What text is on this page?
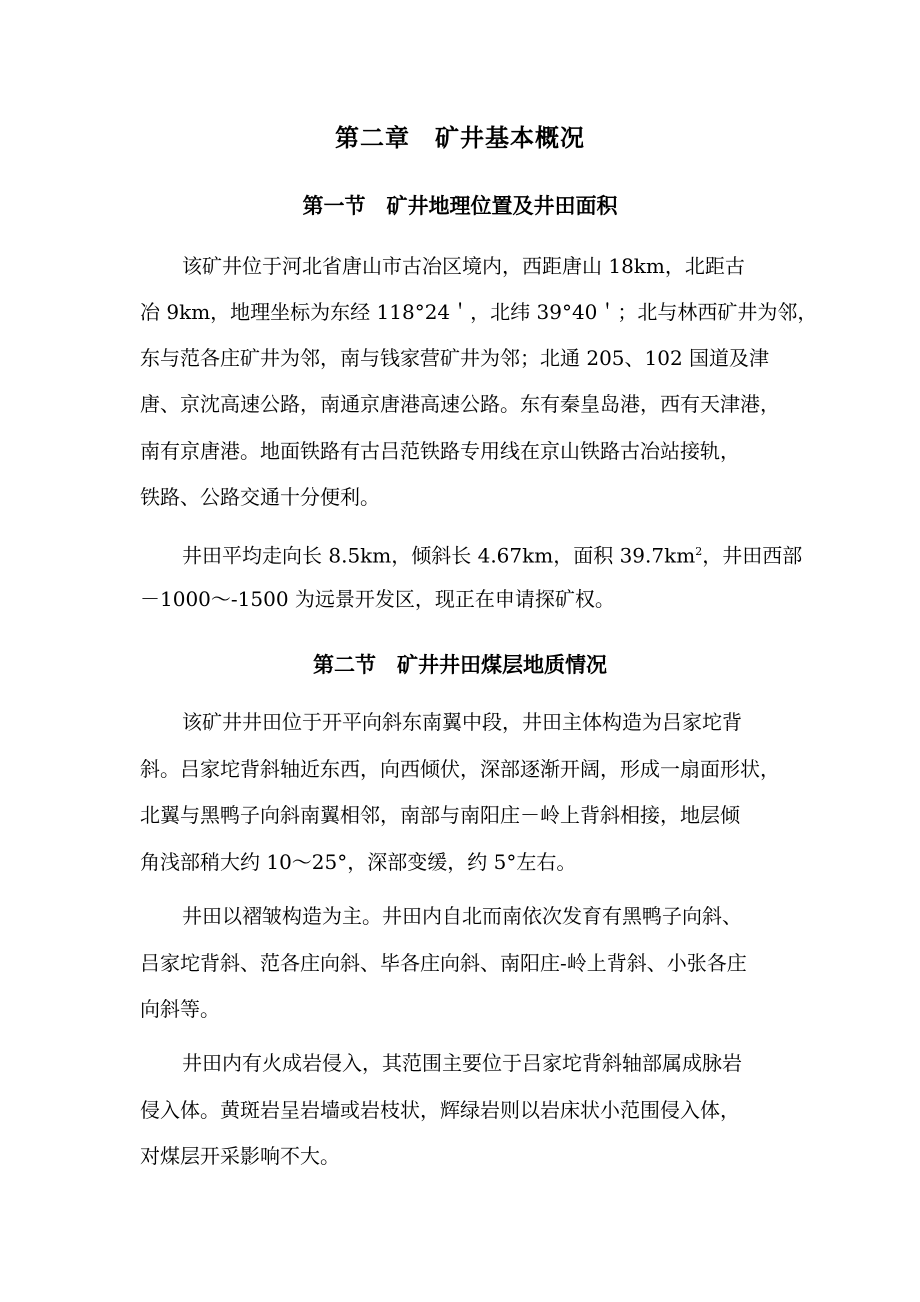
第二章　矿井基本概况
第一节　矿井地理位置及井田面积
该矿井位于河北省唐山市古冶区境内，西距唐山 18km，北距古
冶 9km，地理坐标为东经 118°24＇，北纬 39°40＇；北与林西矿井为邻，
东与范各庄矿井为邻，南与钱家营矿井为邻；北通 205、102 国道及津
唐、京沈高速公路，南通京唐港高速公路。东有秦皇岛港，西有天津港，
南有京唐港。地面铁路有古吕范铁路专用线在京山铁路古冶站接轨，
铁路、公路交通十分便利。
井田平均走向长 8.5km，倾斜长 4.67km，面积 $39.7km^2$，井田西部
－1000～-1500 为远景开发区，现正在申请探矿权。
第二节　矿井井田煤层地质情况
该矿井井田位于开平向斜东南翼中段，井田主体构造为吕家坨背
斜。吕家坨背斜轴近东西，向西倾伏，深部逐渐开阔，形成一扇面形状，
北翼与黑鸭子向斜南翼相邻，南部与南阳庄－岭上背斜相接，地层倾
角浅部稍大约 10～25°，深部变缓，约 5°左右。
井田以褶皱构造为主。井田内自北而南依次发育有黑鸭子向斜、
吕家坨背斜、范各庄向斜、毕各庄向斜、南阳庄-岭上背斜、小张各庄
向斜等。
井田内有火成岩侵入，其范围主要位于吕家坨背斜轴部属成脉岩
侵入体。黄斑岩呈岩墙或岩枝状，辉绿岩则以岩床状小范围侵入体，
对煤层开采影响不大。
